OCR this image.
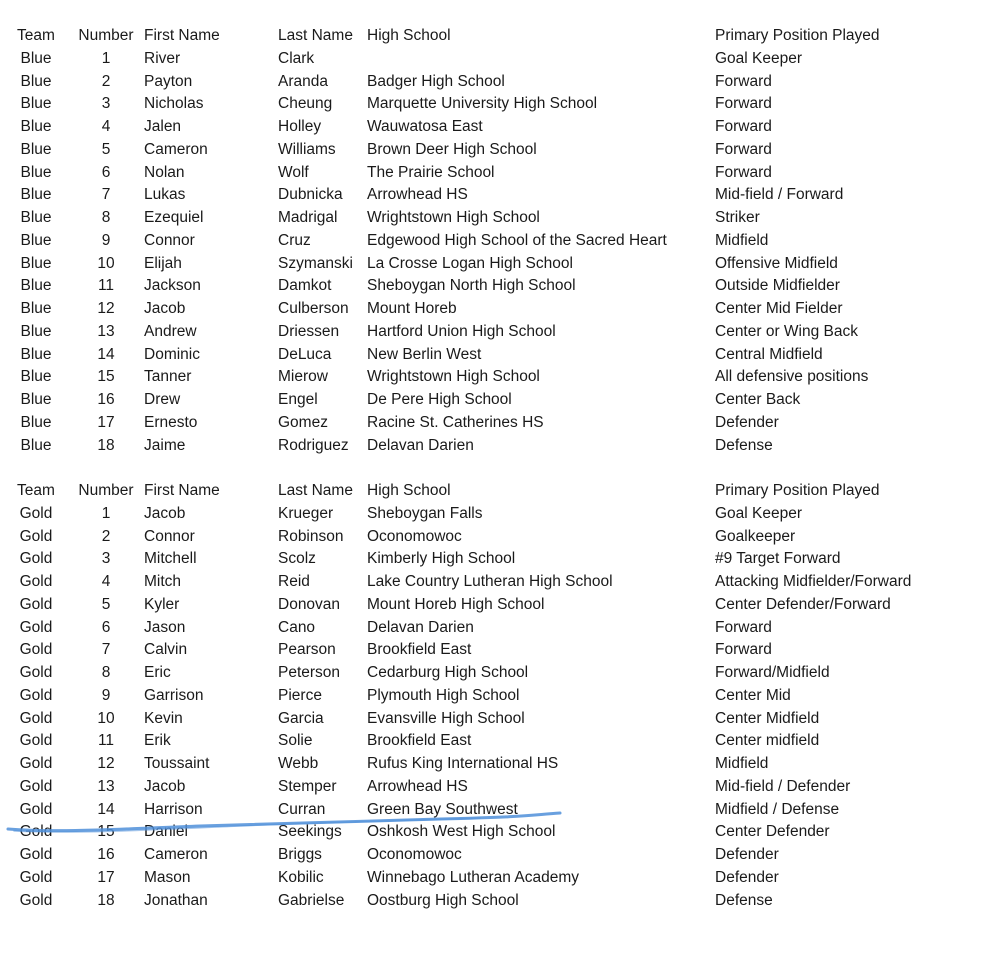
Team	Number	First Name	Last Name	High School	Primary Position Played
Blue	1	River	Clark		Goal Keeper
Blue	2	Payton	Aranda	Badger High School	Forward
Blue	3	Nicholas	Cheung	Marquette University High School	Forward
Blue	4	Jalen	Holley	Wauwatosa East	Forward
Blue	5	Cameron	Williams	Brown Deer High School	Forward
Blue	6	Nolan	Wolf	The Prairie School	Forward
Blue	7	Lukas	Dubnicka	Arrowhead HS	Mid-field / Forward
Blue	8	Ezequiel	Madrigal	Wrightstown High School	Striker
Blue	9	Connor	Cruz	Edgewood High School of the Sacred Heart	Midfield
Blue	10	Elijah	Szymanski	La Crosse Logan High School	Offensive Midfield
Blue	11	Jackson	Damkot	Sheboygan North High School	Outside Midfielder
Blue	12	Jacob	Culberson	Mount Horeb	Center Mid Fielder
Blue	13	Andrew	Driessen	Hartford Union High School	Center or Wing Back
Blue	14	Dominic	DeLuca	New Berlin West	Central Midfield
Blue	15	Tanner	Mierow	Wrightstown High School	All defensive positions
Blue	16	Drew	Engel	De Pere High School	Center Back
Blue	17	Ernesto	Gomez	Racine St. Catherines HS	Defender
Blue	18	Jaime	Rodriguez	Delavan Darien	Defense
Team	Number	First Name	Last Name	High School	Primary Position Played
Gold	1	Jacob	Krueger	Sheboygan Falls	Goal Keeper
Gold	2	Connor	Robinson	Oconomowoc	Goalkeeper
Gold	3	Mitchell	Scolz	Kimberly High School	#9 Target Forward
Gold	4	Mitch	Reid	Lake Country Lutheran High School	Attacking Midfielder/Forward
Gold	5	Kyler	Donovan	Mount Horeb High School	Center Defender/Forward
Gold	6	Jason	Cano	Delavan Darien	Forward
Gold	7	Calvin	Pearson	Brookfield East	Forward
Gold	8	Eric	Peterson	Cedarburg High School	Forward/Midfield
Gold	9	Garrison	Pierce	Plymouth High School	Center Mid
Gold	10	Kevin	Garcia	Evansville High School	Center Midfield
Gold	11	Erik	Solie	Brookfield East	Center midfield
Gold	12	Toussaint	Webb	Rufus King International HS	Midfield
Gold	13	Jacob	Stemper	Arrowhead HS	Mid-field / Defender
Gold	14	Harrison	Curran	Green Bay Southwest	Midfield / Defense
Gold	15	Daniel	Seekings	Oshkosh West High School	Center Defender
Gold	16	Cameron	Briggs	Oconomowoc	Defender
Gold	17	Mason	Kobilic	Winnebago Lutheran Academy	Defender
Gold	18	Jonathan	Gabrielse	Oostburg High School	Defense
